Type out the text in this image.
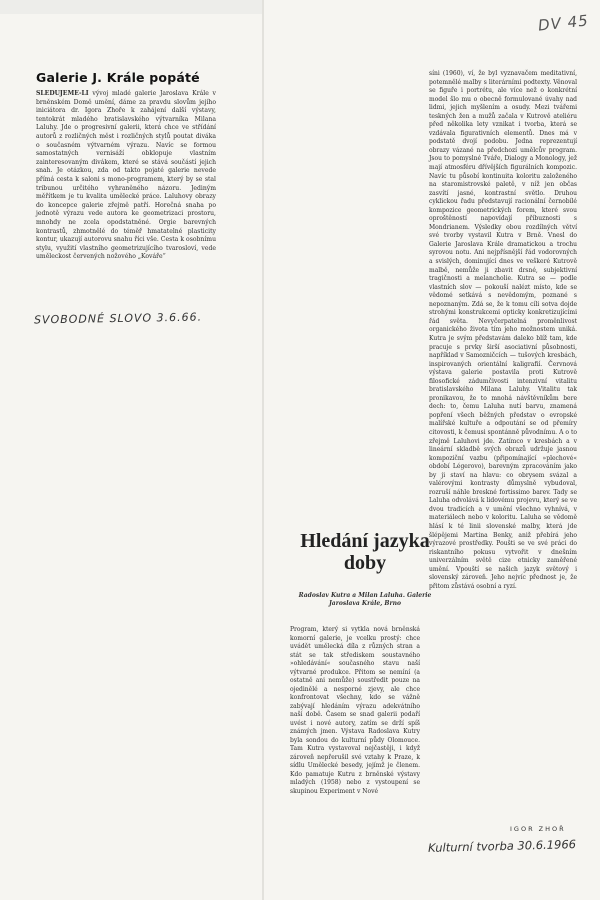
DV 45
Galerie J. Krále popáté

SLEDUJEME-LI vývoj mladé galerie Jaroslava Krále v brněnském Domě umění, dáme za pravdu slovům jejího iniciátora dr. Igora Zhoře k zahájení další výstavy, tentokrát mladého bratislavského výtvarníka Milana Laluhy. Jde o progresivní galerii, která chce ve střídání autorů z rozličných měst i rozličných stylů poutat diváka o současném výtvarném výrazu. Navíc se formou samostatných vernisáží obklopuje vlastním zainteresovaným divákem, které se stává součástí jejich snah. Je otázkou, zda od takto pojaté galerie nevede přímá cesta k saloni s mono-programem, který by se stal tribunou určitého vyhraněného názoru. Jediným měřítkem je tu kvalita umělecké práce. Laluhovy obrazy do koncepce galerie zřejmě patří. Horečná snaha po jednotě výrazu vede autora ke geometrizaci prostoru, mnohdy ne zcela opodstatněné. Orgie barevných kontrastů, zhmotnělé do téměř hmatatelné plasticity kontur, ukazují autorovu snahu říci vše. Cesta k osobnímu stylu, využití vlastního geometrizujícího tvarosloví, vede uměleckost červených nožového „Kováře“

SVOBODNÉ SLOVO 3.6.66.

síni (1960), ví, že byl vyznavačem meditativní, potemnělé malby s literárními podtexty. Věnoval se figuře i portrétu, ale více než o konkrétní model šlo mu o obecně formulované úvahy nad lidmi, jejich myšlením a osudy. Mezi tvářemi teskných žen a mužů začala v Kutrově ateliéru před několika lety vznikat i tvorba, která se vzdávala figurativních elementů. Dnes má v podstatě dvojí podobu. Jedna reprezentují obrazy vázané na předchozí umělcův program. Jsou to pomyslné Tváře, Dialogy a Monology, jež mají atmosféru dřívějších figurálních kompozic. Navíc tu působí kontinuita koloritu založeného na staromistrovské paletě, v níž jen občas zasvítí jasné, kontrastní světlo. Druhou cyklickou řadu představují racionální černobílé kompozice geometrických forem, které svou oproštěností napovídají příbuznosti s Mondrianem. Výsledky obou rozdílných větví své tvorby vystavil Kutra v Brně. Vnesl do Galerie Jaroslava Krále dramatickou a trochu syrovou notu. Ani nejpřísnější řád vodorovných a svislých, dominující dnes ve veškeré Kutrově malbě, nemůže ji zbavit drsné, subjektivní tragičnosti a melancholie. Kutra se — podle vlastních slov — pokouší nalézt místo, kde se vědomé setkává s nevědomým, poznané s nepoznaným. Zdá se, že k tomu cíli sotva dojde strohými konstrukcemi opticky konkretizujícími řád světa. Nevyčerpatelná proměnlivost organického života tím jeho možnostem uniká. Kutra je svým představám daleko blíž tam, kde pracuje s prvky širší asociativní působnosti, například v Samozničcích — tušových kresbách, inspirovaných orientální kaligrafií. Červnová výstava galerie postavila proti Kutrově filosofické zádumčivosti intenzivní vitalitu bratislavského Milana Laluhy. Vitalitu tak pronikavou, že to mnohá návštěvníkům bere dech: to, čemu Laluha nutí barvu, znamená popření všech běžných představ o evropské malířské kultuře a odpoutání se od přemíry citovosti, k čemusi spontánně původnímu. A o to zřejmě Laluhovi jde. Zatímco v kresbách a v lineární skladbě svých obrazů udržuje jasnou kompoziční vazbu (připomínající »plechové« období Légerovo), barevným zpracováním jako by ji staví na hlavu: co obrysem svázal a valérovými kontrasty důmyslně vybudoval, rozruší náhle breskné fortissimo barev. Tady se Laluha odvolává k lidovému projevu, který se ve dvou tradicích a v umění všechno vyhnívá, v materiálech nebo v koloritu. Laluha se vědomě hlásí k té linii slovenské malby, která jde šlépějemi Martina Benky, aniž přebírá jeho výrazové prostředky. Poušti se ve své práci do riskantního pokusu vytvořit v dnešním univerzálním světě cize etnicky zaměřené umění. Vpouští se našich jazyk světový i slovenský zároveň. Jeho nejvíc přednost je, že přitom zůstává osobní a ryzí.

Hledání jazyka doby

Radoslav Kutra a Milan Laluha. Galerie Jaroslava Krále, Brno

Program, který si vytkla nová brněnská komorní galerie, je vcelku prostý: chce uvádět umělecká díla z různých stran a stát se tak střediskem soustavného »ohledávání« současného stavu naší výtvarné produkce. Přitom se nemíní (a ostatně ani nemůže) soustředit pouze na ojedinělé a nesporné zjevy, ale chce konfrontovat všechny, kdo se vážně zabývají hledáním výrazu adekvátního naší době. Časem se snad galerii podaří uvést i nové autory, zatím se drží spíš známých jmen. Výstava Radoslava Kutry byla sondou do kulturní půdy Olomouce. Tam Kutra vystavoval nejčastěji, i když zároveň nepřerušil své vztahy k Praze, k sídlu Umělecké besedy, jejímž je členem. Kdo pamatuje Kutru z brněnské výstavy mladých (1958) nebo z vystoupení se skupinou Experiment v Nové

IGOR ZHOŘ
Kulturní tvorba 30.6.1966
